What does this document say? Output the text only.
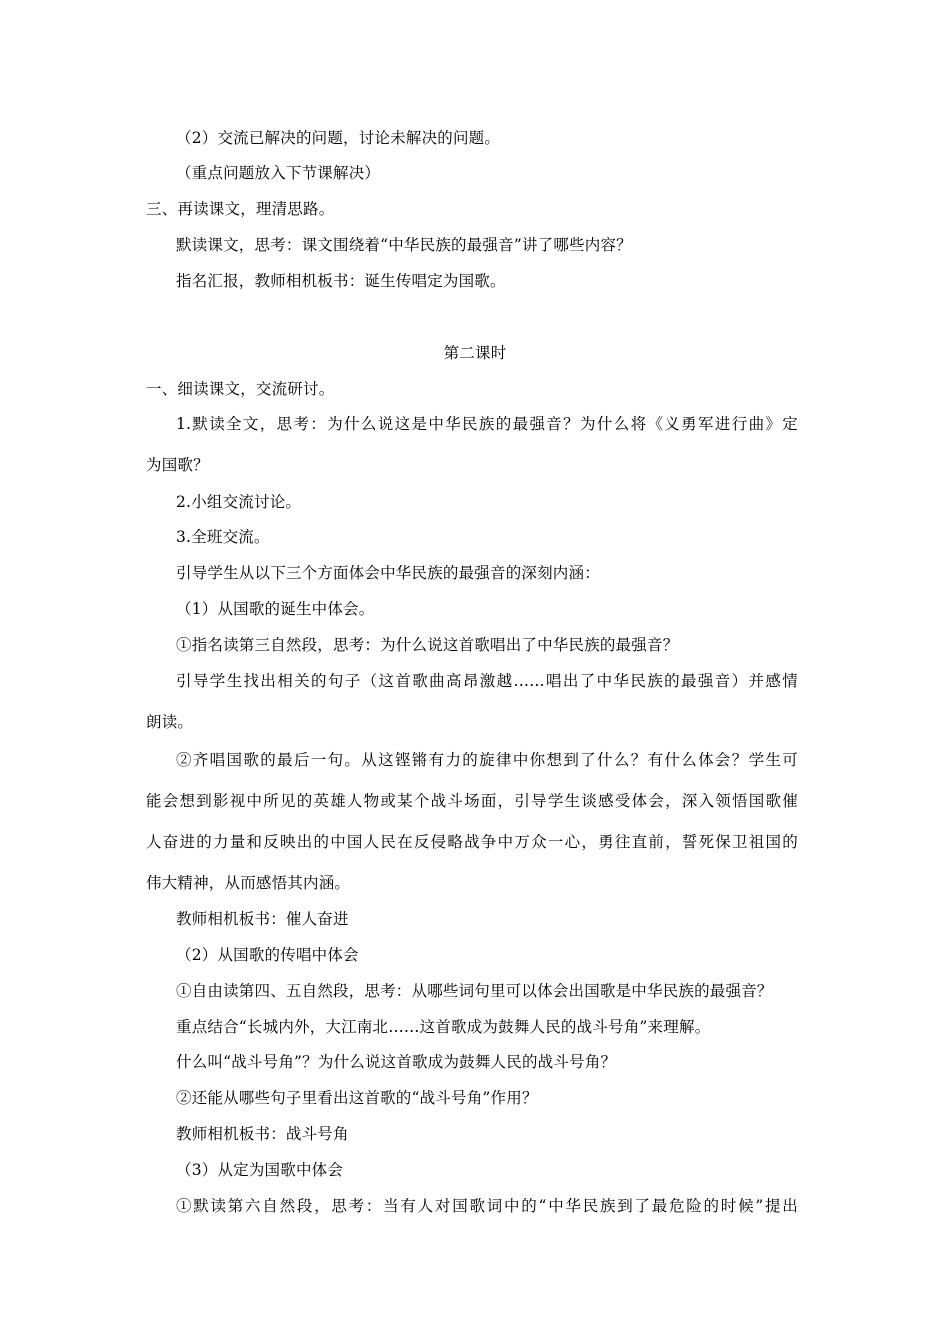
（2）交流已解决的问题，讨论未解决的问题。
（重点问题放入下节课解决）
三、再读课文，理清思路。
默读课文，思考：课文围绕着“中华民族的最强音”讲了哪些内容？
指名汇报，教师相机板书：诞生传唱定为国歌。
第二课时
一、细读课文，交流研讨。
1.默读全文，思考：为什么说这是中华民族的最强音？为什么将《义勇军进行曲》定
为国歌？
2.小组交流讨论。
3.全班交流。
引导学生从以下三个方面体会中华民族的最强音的深刻内涵：
（1）从国歌的诞生中体会。
①指名读第三自然段，思考：为什么说这首歌唱出了中华民族的最强音？
引导学生找出相关的句子（这首歌曲高昂激越……唱出了中华民族的最强音）并感情
朗读。
②齐唱国歌的最后一句。从这铿锵有力的旋律中你想到了什么？有什么体会？学生可
能会想到影视中所见的英雄人物或某个战斗场面，引导学生谈感受体会，深入领悟国歌催
人奋进的力量和反映出的中国人民在反侵略战争中万众一心，勇往直前，誓死保卫祖国的
伟大精神，从而感悟其内涵。
教师相机板书：催人奋进
（2）从国歌的传唱中体会
①自由读第四、五自然段，思考：从哪些词句里可以体会出国歌是中华民族的最强音？
重点结合“长城内外，大江南北……这首歌成为鼓舞人民的战斗号角”来理解。
什么叫“战斗号角”？为什么说这首歌成为鼓舞人民的战斗号角？
②还能从哪些句子里看出这首歌的“战斗号角”作用？
教师相机板书：战斗号角
（3）从定为国歌中体会
①默读第六自然段，思考：当有人对国歌词中的“中华民族到了最危险的时候”提出
